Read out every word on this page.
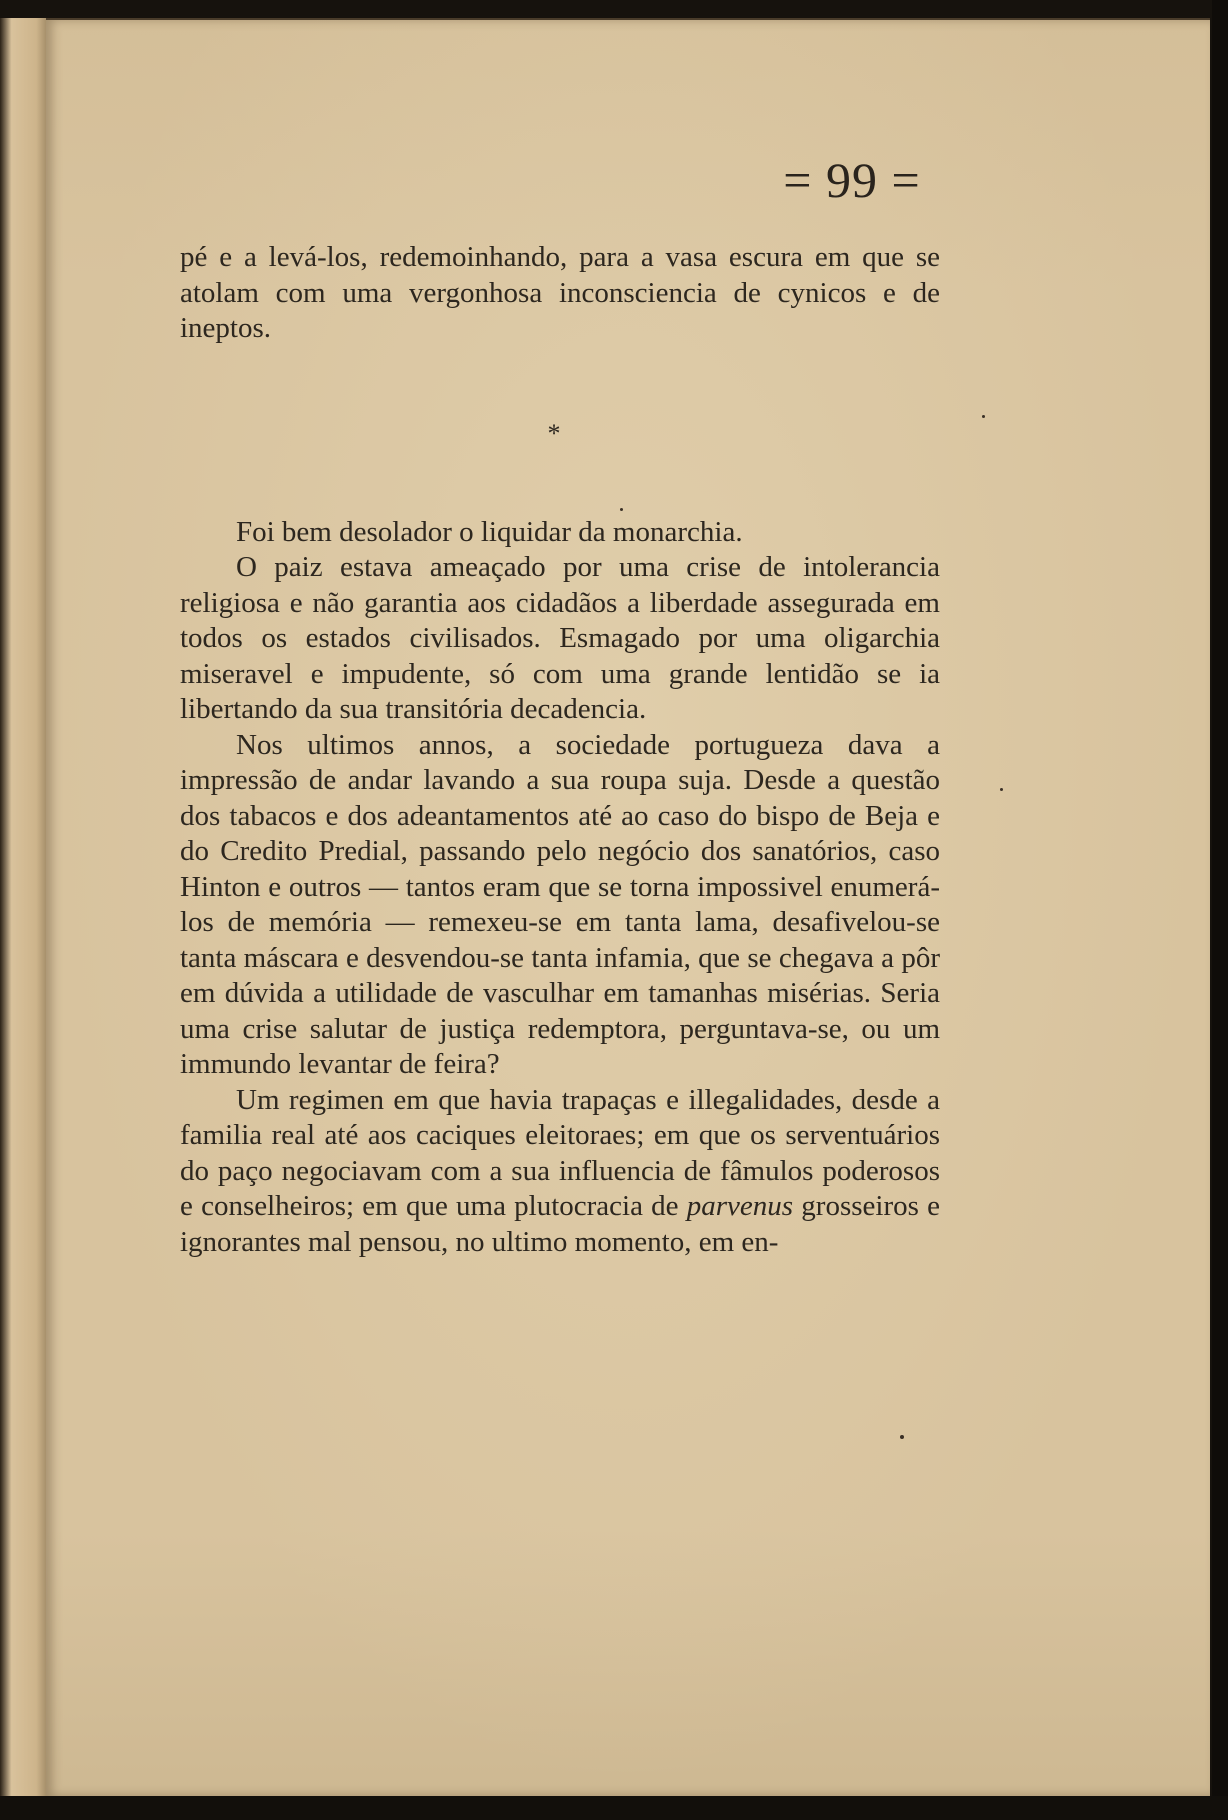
= 99 =

pé e a levá-los, redemoinhando, para a vasa escura em que se atolam com uma vergonhosa inconsciencia de cynicos e de ineptos.

*

Foi bem desolador o liquidar da monarchia.

O paiz estava ameaçado por uma crise de intolerancia religiosa e não garantia aos cidadãos a liberdade assegurada em todos os estados civilisados. Esmagado por uma oligarchia miseravel e impudente, só com uma grande lentidão se ia libertando da sua transitória decadencia.

Nos ultimos annos, a sociedade portugueza dava a impressão de andar lavando a sua roupa suja. Desde a questão dos tabacos e dos adeantamentos até ao caso do bispo de Beja e do Credito Predial, passando pelo negócio dos sanatórios, caso Hinton e outros — tantos eram que se torna impossivel enumerá-los de memória — remexeu-se em tanta lama, desafivelou-se tanta máscara e desvendou-se tanta infamia, que se chegava a pôr em dúvida a utilidade de vasculhar em tamanhas misérias. Seria uma crise salutar de justiça redemptora, perguntava-se, ou um immundo levantar de feira?

Um regimen em que havia trapaças e illegalidades, desde a familia real até aos caciques eleitoraes; em que os serventuários do paço negociavam com a sua influencia de fâmulos poderosos e conselheiros; em que uma plutocracia de parvenus grosseiros e ignorantes mal pensou, no ultimo momento, em en-
